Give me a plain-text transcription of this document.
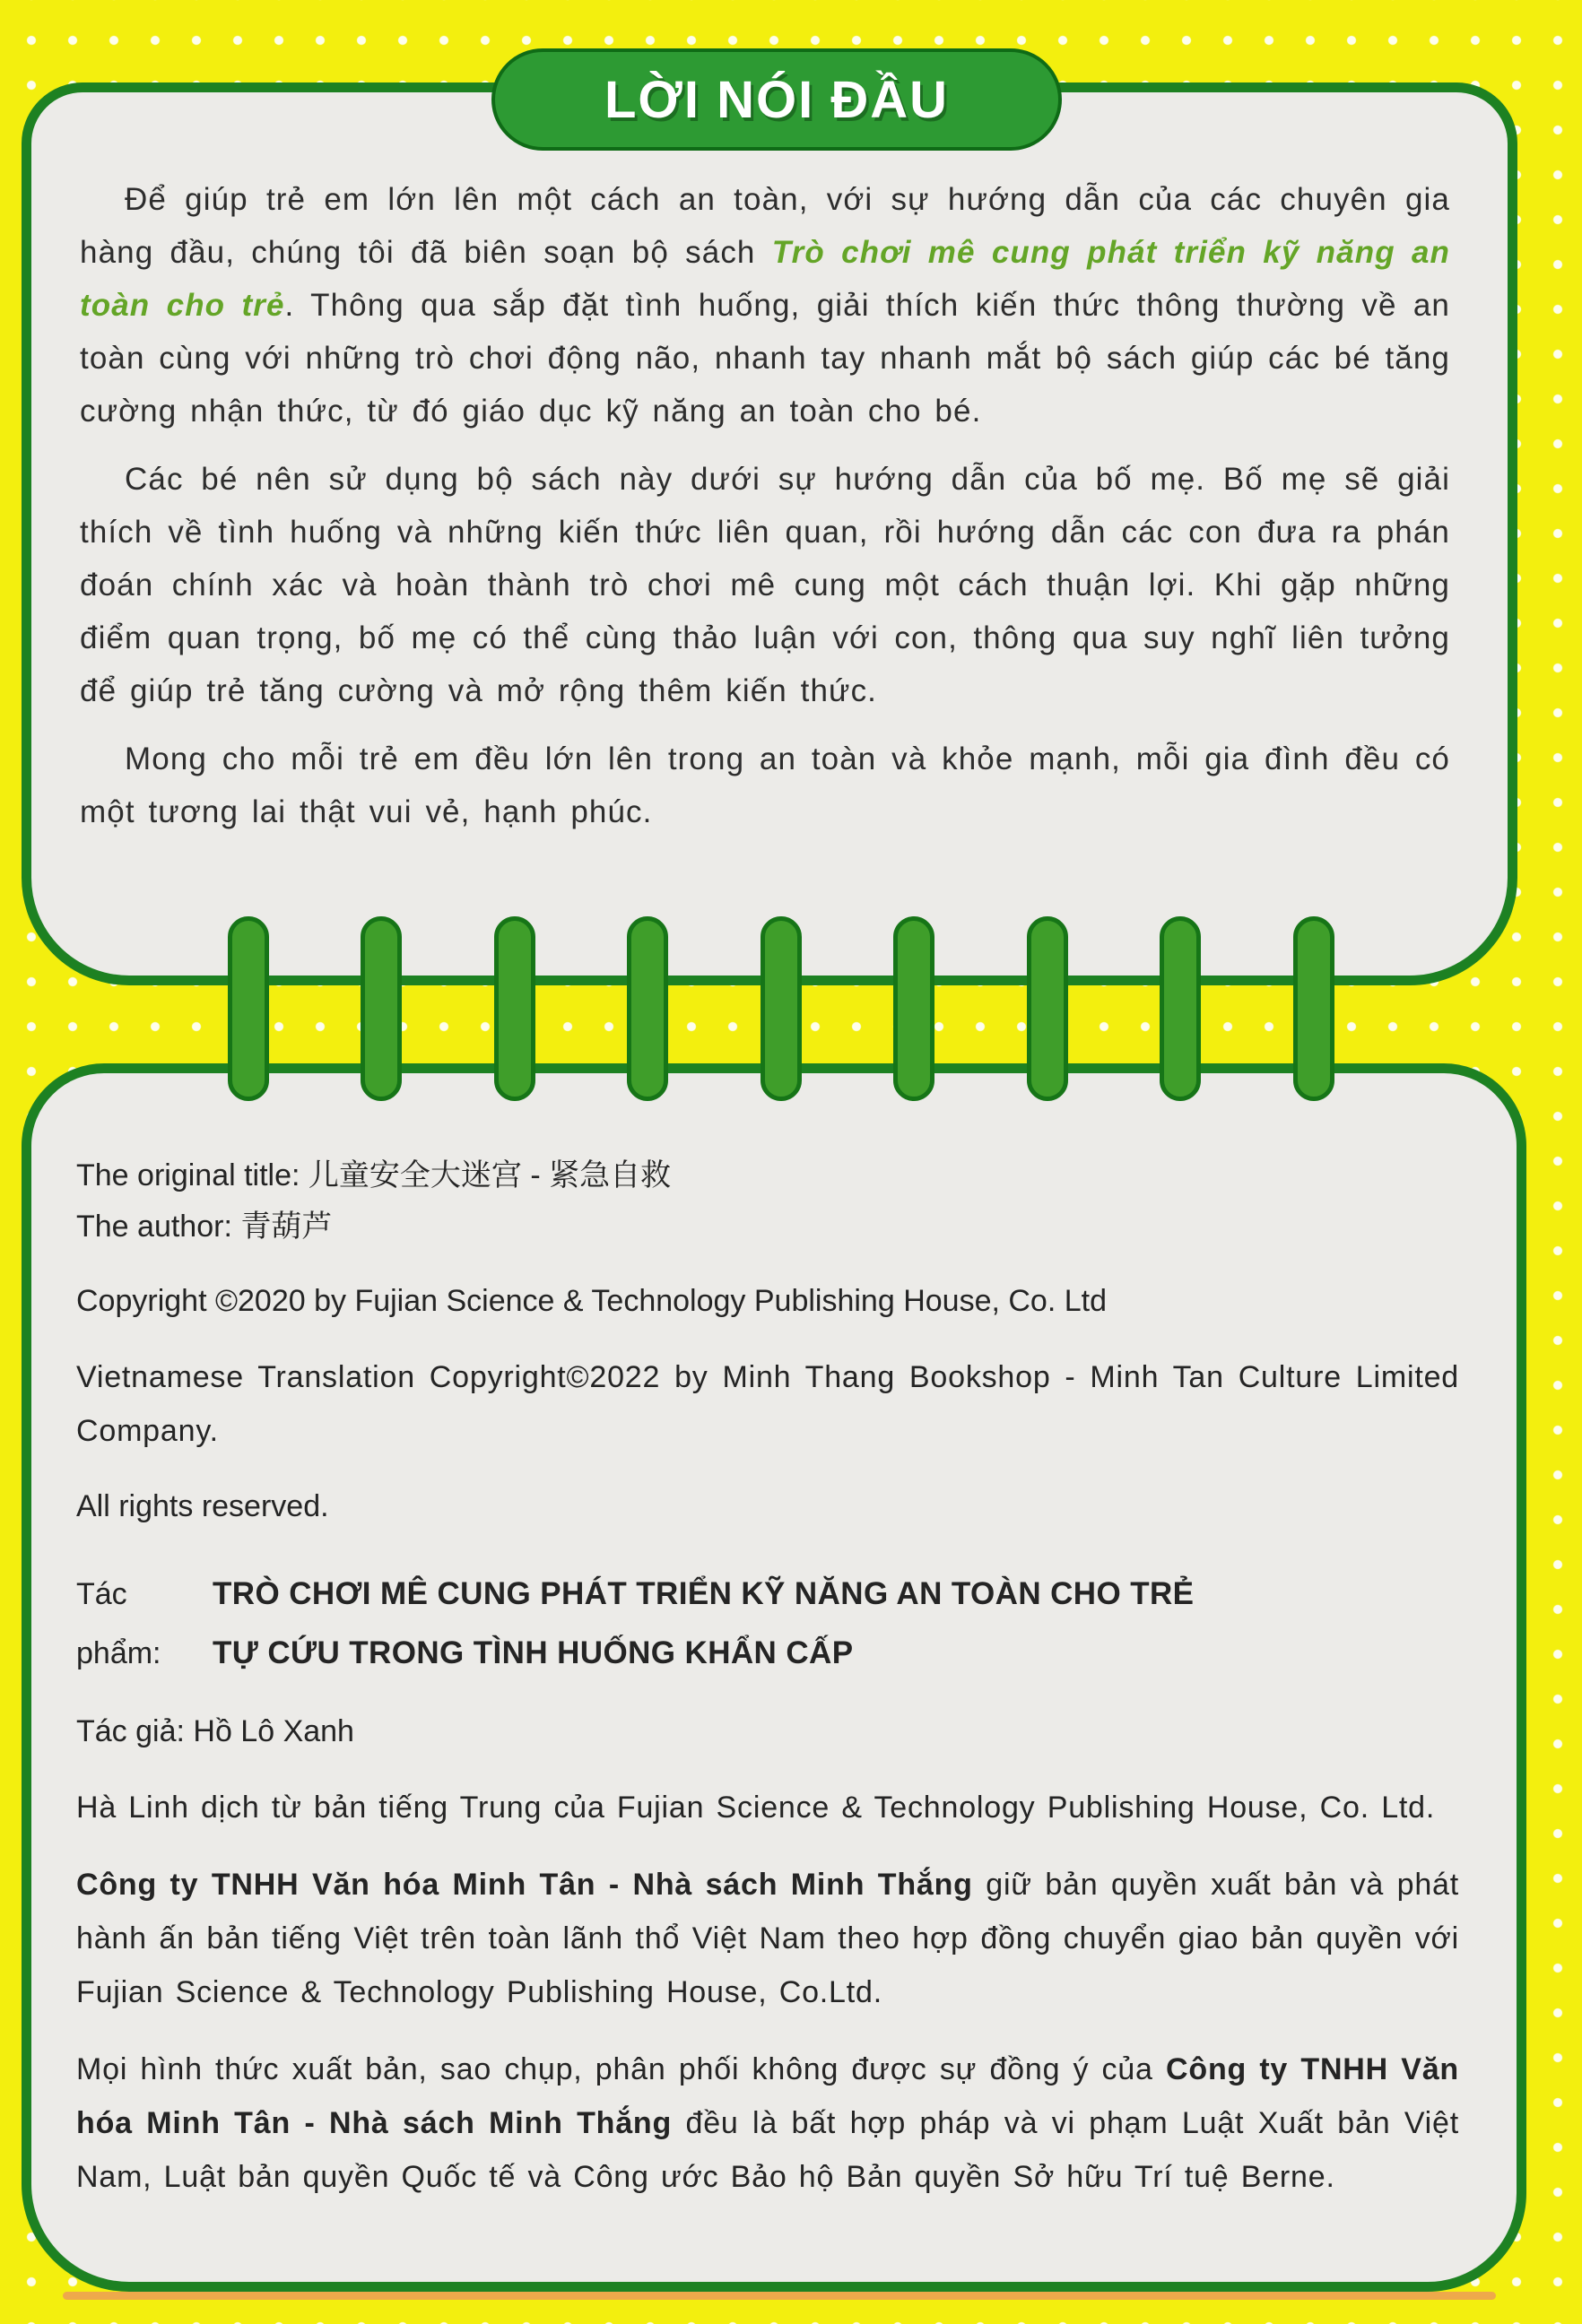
LỜI NÓI ĐẦU

Để giúp trẻ em lớn lên một cách an toàn, với sự hướng dẫn của các chuyên gia hàng đầu, chúng tôi đã biên soạn bộ sách Trò chơi mê cung phát triển kỹ năng an toàn cho trẻ. Thông qua sắp đặt tình huống, giải thích kiến thức thông thường về an toàn cùng với những trò chơi động não, nhanh tay nhanh mắt bộ sách giúp các bé tăng cường nhận thức, từ đó giáo dục kỹ năng an toàn cho bé.

Các bé nên sử dụng bộ sách này dưới sự hướng dẫn của bố mẹ. Bố mẹ sẽ giải thích về tình huống và những kiến thức liên quan, rồi hướng dẫn các con đưa ra phán đoán chính xác và hoàn thành trò chơi mê cung một cách thuận lợi. Khi gặp những điểm quan trọng, bố mẹ có thể cùng thảo luận với con, thông qua suy nghĩ liên tưởng để giúp trẻ tăng cường và mở rộng thêm kiến thức.

Mong cho mỗi trẻ em đều lớn lên trong an toàn và khỏe mạnh, mỗi gia đình đều có một tương lai thật vui vẻ, hạnh phúc.

The original title: 儿童安全大迷宫 - 紧急自救

The author: 青葫芦

Copyright ©2020 by Fujian Science & Technology Publishing House, Co. Ltd

Vietnamese Translation Copyright©2022 by Minh Thang Bookshop - Minh Tan Culture Limited Company.

All rights reserved.

Tác phẩm:
TRÒ CHƠI MÊ CUNG PHÁT TRIỂN KỸ NĂNG AN TOÀN CHO TRẺ
TỰ CỨU TRONG TÌNH HUỐNG KHẨN CẤP

Tác giả: Hồ Lô Xanh

Hà Linh dịch từ bản tiếng Trung của Fujian Science & Technology Publishing House, Co. Ltd.

Công ty TNHH Văn hóa Minh Tân - Nhà sách Minh Thắng giữ bản quyền xuất bản và phát hành ấn bản tiếng Việt trên toàn lãnh thổ Việt Nam theo hợp đồng chuyển giao bản quyền với Fujian Science & Technology Publishing House, Co.Ltd.

Mọi hình thức xuất bản, sao chụp, phân phối không được sự đồng ý của Công ty TNHH Văn hóa Minh Tân - Nhà sách Minh Thắng đều là bất hợp pháp và vi phạm Luật Xuất bản Việt Nam, Luật bản quyền Quốc tế và Công ước Bảo hộ Bản quyền Sở hữu Trí tuệ Berne.
